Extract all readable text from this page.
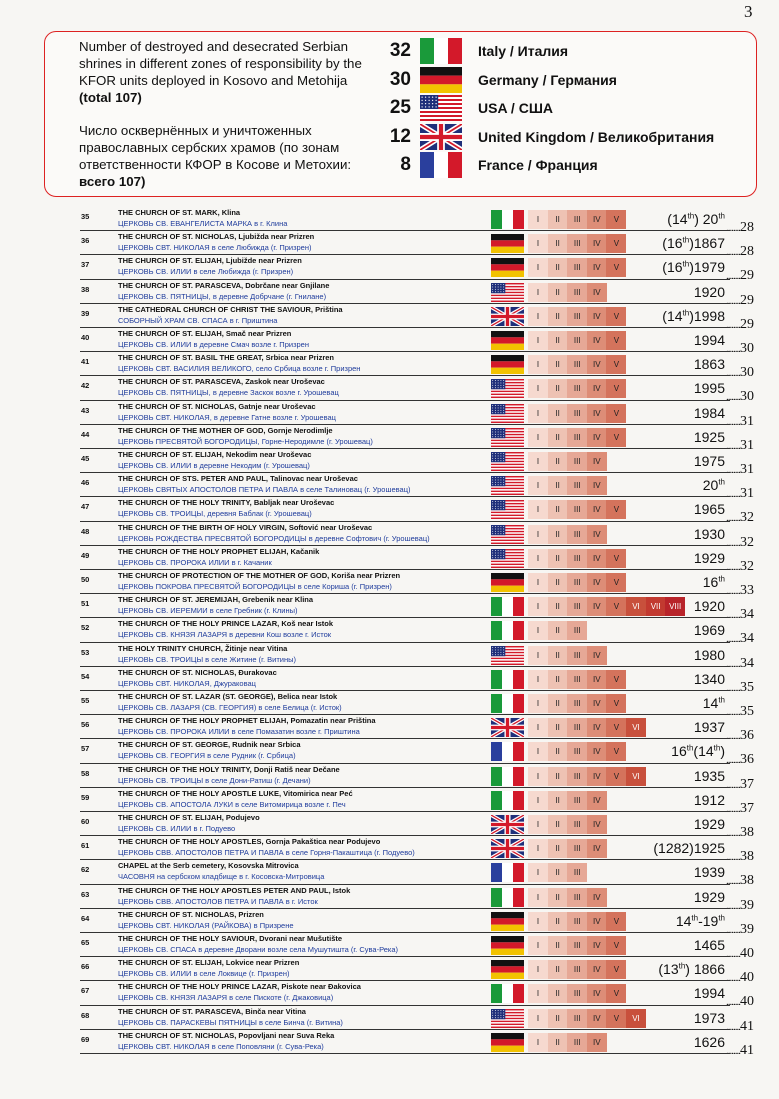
3
Number of destroyed and desecrated Serbian shrines in different zones of responsibility by the KFOR units deployed in Kosovo and Metohija (total 107)
Число осквернённых и уничтоженных православных сербских храмов (по зонам ответственности КФОР в Косове и Метохии: всего 107)
32	Italy / Италия
30	Germany / Германия
25	USA / США
12	United Kingdom / Великобритания
8	France / Франция
35	THE CHURCH OF ST. MARK, Klina
ЦЕРКОВЬ СВ. ЕВАНГЕЛИСТА МАРКА в г. Клина	I	II	III	IV	V	(14th) 20th
........28
36	THE CHURCH OF ST. NICHOLAS, Ljubižda near Prizren
ЦЕРКОВЬ СВТ. НИКОЛАЯ в селе Любижда (г. Призрен)	I	II	III	IV	V	(16th)1867
........28
37	THE CHURCH OF ST. ELIJAH, Ljubižde near Prizren
ЦЕРКОВЬ СВ. ИЛИИ в селе Любижда (г. Призрен)	I	II	III	IV	V	(16th)1979
........29
38	THE CHURCH OF ST. PARASCEVA, Dobrčane near Gnjilane
ЦЕРКОВЬ СВ. ПЯТНИЦЫ, в деревне Добрчане (г. Гнилане)	I	II	III	IV	1920
........29
39	THE CATHEDRAL CHURCH OF CHRIST THE SAVIOUR, Priština
СОБОРНЫЙ ХРАМ СВ. СПАСА в г. Приштина	I	II	III	IV	V	(14th)1998
........29
40	THE CHURCH OF ST. ELIJAH, Smač near Prizren
ЦЕРКОВЬ СВ. ИЛИИ в деревне Смач возле г. Призрен	I	II	III	IV	V	1994
........30
41	THE CHURCH OF ST. BASIL THE GREAT, Srbica near Prizren
ЦЕРКОВЬ СВТ. ВАСИЛИЯ ВЕЛИКОГО, село Србица возле г. Призрен	I	II	III	IV	V	1863
........30
42	THE CHURCH OF ST. PARASCEVA, Zaskok near Uroševac
ЦЕРКОВЬ СВ. ПЯТНИЦЫ, в деревне Заскок возле г. Урошевац	I	II	III	IV	V	1995
........30
43	THE CHURCH OF ST. NICHOLAS, Gatnje near Uroševac
ЦЕРКОВЬ СВТ. НИКОЛАЯ, в деревне Гатне возле г. Урошевац	I	II	III	IV	V	1984
........31
44	THE CHURCH OF THE MOTHER OF GOD, Gornje Nerodimlje
ЦЕРКОВЬ ПРЕСВЯТОЙ БОГОРОДИЦЫ, Горне-Неродимле (г. Урошевац)	I	II	III	IV	V	1925
........31
45	THE CHURCH OF ST. ELIJAH, Nekodim near Uroševac
ЦЕРКОВЬ СВ. ИЛИИ в деревне Некодим (г. Урошевац)	I	II	III	IV	1975
........31
46	THE CHURCH OF STS. PETER AND PAUL, Talinovac near Uroševac
ЦЕРКОВЬ СВЯТЫХ АПОСТОЛОВ ПЕТРА И ПАВЛА в селе Талиновац (г. Урошевац)	I	II	III	IV	20th
........31
47	THE CHURCH OF THE HOLY TRINITY, Babljak near Uroševac
ЦЕРКОВЬ СВ. ТРОИЦЫ, деревня Баблак (г. Урошевац)	I	II	III	IV	V	1965
........32
48	THE CHURCH OF THE BIRTH OF HOLY VIRGIN, Softović near Uroševac
ЦЕРКОВЬ РОЖДЕСТВА ПРЕСВЯТОЙ БОГОРОДИЦЫ в деревне Софтович (г. Урошевац)	I	II	III	IV	1930
........32
49	THE CHURCH OF THE HOLY PROPHET ELIJAH, Kačanik
ЦЕРКОВЬ СВ. ПРОРОКА ИЛИИ в г. Качаник	I	II	III	IV	V	1929
........32
50	THE CHURCH OF PROTECTION OF THE MOTHER OF GOD, Koriša near Prizren
ЦЕРКОВЬ ПОКРОВА ПРЕСВЯТОЙ БОГОРОДИЦЫ в селе Кориша (г. Призрен)	I	II	III	IV	V	16th
........33
51	THE CHURCH OF ST. JEREMIJAH, Grebenik near Klina
ЦЕРКОВЬ СВ. ИЕРЕМИИ в селе Гребник (г. Клины)	I	II	III	IV	V	VI	VII	VIII 1920
........34
52	THE CHURCH OF THE HOLY PRINCE LAZAR, Koš near Istok
ЦЕРКОВЬ СВ. КНЯЗЯ ЛАЗАРЯ в деревни Кош возле г. Исток	I	II	III	1969
........34
53	THE HOLY TRINITY CHURCH, Žitinje near Vitina
ЦЕРКОВЬ СВ. ТРОИЦЫ в селе Житине (г. Витины)	I	II	III	IV	1980
........34
54	THE CHURCH OF ST. NICHOLAS, Đurakovac
ЦЕРКОВЬ СВТ. НИКОЛАЯ, Джураковац	I	II	III	IV	V	1340
........35
55	THE CHURCH OF ST. LAZAR (ST. GEORGE), Belica near Istok
ЦЕРКОВЬ СВ. ЛАЗАРЯ (СВ. ГЕОРГИЯ) в селе Белица (г. Исток)	I	II	III	IV	V	14th
........35
56	THE CHURCH OF THE HOLY PROPHET ELIJAH, Pomazatin near Priština
ЦЕРКОВЬ СВ. ПРОРОКА ИЛИИ в селе Помазатин возле г. Приштина	I	II	III	IV	V	VI	1937
........36
57	THE CHURCH OF ST. GEORGE, Rudnik near Srbica
ЦЕРКОВЬ СВ. ГЕОРГИЯ в селе Рудник (г. Србица)	I	II	III	IV	V	16th(14th)
........36
58	THE CHURCH OF THE HOLY TRINITY, Donji Ratiš near Dečane
ЦЕРКОВЬ СВ. ТРОИЦЫ в селе Дони-Ратиш (г. Дечани)	I	II	III	IV	V	VI	1935
........37
59	THE CHURCH OF THE HOLY APOSTLE LUKE, Vitomirica near Peć
ЦЕРКОВЬ СВ. АПОСТОЛА ЛУКИ в селе Витомирица возле г. Печ	I	II	III	IV	1912
........37
60	THE CHURCH OF ST. ELIJAH, Podujevo
ЦЕРКОВЬ СВ. ИЛИИ в г. Подуево	I	II	III	IV	1929
........38
61	THE CHURCH OF THE HOLY APOSTLES, Gornja Pakaštica near Podujevo
ЦЕРКОВЬ СВВ. АПОСТОЛОВ ПЕТРА И ПАВЛА в селе Горня-Пакаштица (г. Подуево)	I	II	III	IV	(1282)1925
........38
62	CHAPEL at the Serb cemetery, Kosovska Mitrovica
ЧАСОВНЯ на сербском кладбище в г. Косовска-Митровица	I	II	III	1939
........38
63	THE CHURCH OF THE HOLY APOSTLES PETER AND PAUL, Istok
ЦЕРКОВЬ СВВ. АПОСТОЛОВ ПЕТРА И ПАВЛА в г. Исток	I	II	III	IV	1929
........39
64	THE CHURCH OF ST. NICHOLAS, Prizren
ЦЕРКОВЬ СВТ. НИКОЛАЯ (РАЙКОВА) в Призрене	I	II	III	IV	V	14th-19th
........39
65	THE CHURCH OF THE HOLY SAVIOUR, Dvorani near Mušutište
ЦЕРКОВЬ СВ. СПАСА в деревне Дворани возле села Мушутишта (г. Сува-Река)	I	II	III	IV	V	1465
........40
66	THE CHURCH OF ST. ELIJAH, Lokvice near Prizren
ЦЕРКОВЬ СВ. ИЛИИ в селе Локвице (г. Призрен)	I	II	III	IV	V	(13th) 1866
........40
67	THE CHURCH OF THE HOLY PRINCE LAZAR, Piskote near Đakovica
ЦЕРКОВЬ СВ. КНЯЗЯ ЛАЗАРЯ в селе Пискоте (г. Джаковица)	I	II	III	IV	V	1994
........40
68	THE CHURCH OF ST. PARASCEVA, Binča near Vitina
ЦЕРКОВЬ СВ. ПАРАСКЕВЫ ПЯТНИЦЫ в селе Бинча (г. Витина)	I	II	III	IV	V	VI	1973
........41
69	THE CHURCH OF ST. NICHOLAS, Popovljani near Suva Reka
ЦЕРКОВЬ СВТ. НИКОЛАЯ в селе Поповляни (г. Сува-Река)	I	II	III	IV	1626
........41
